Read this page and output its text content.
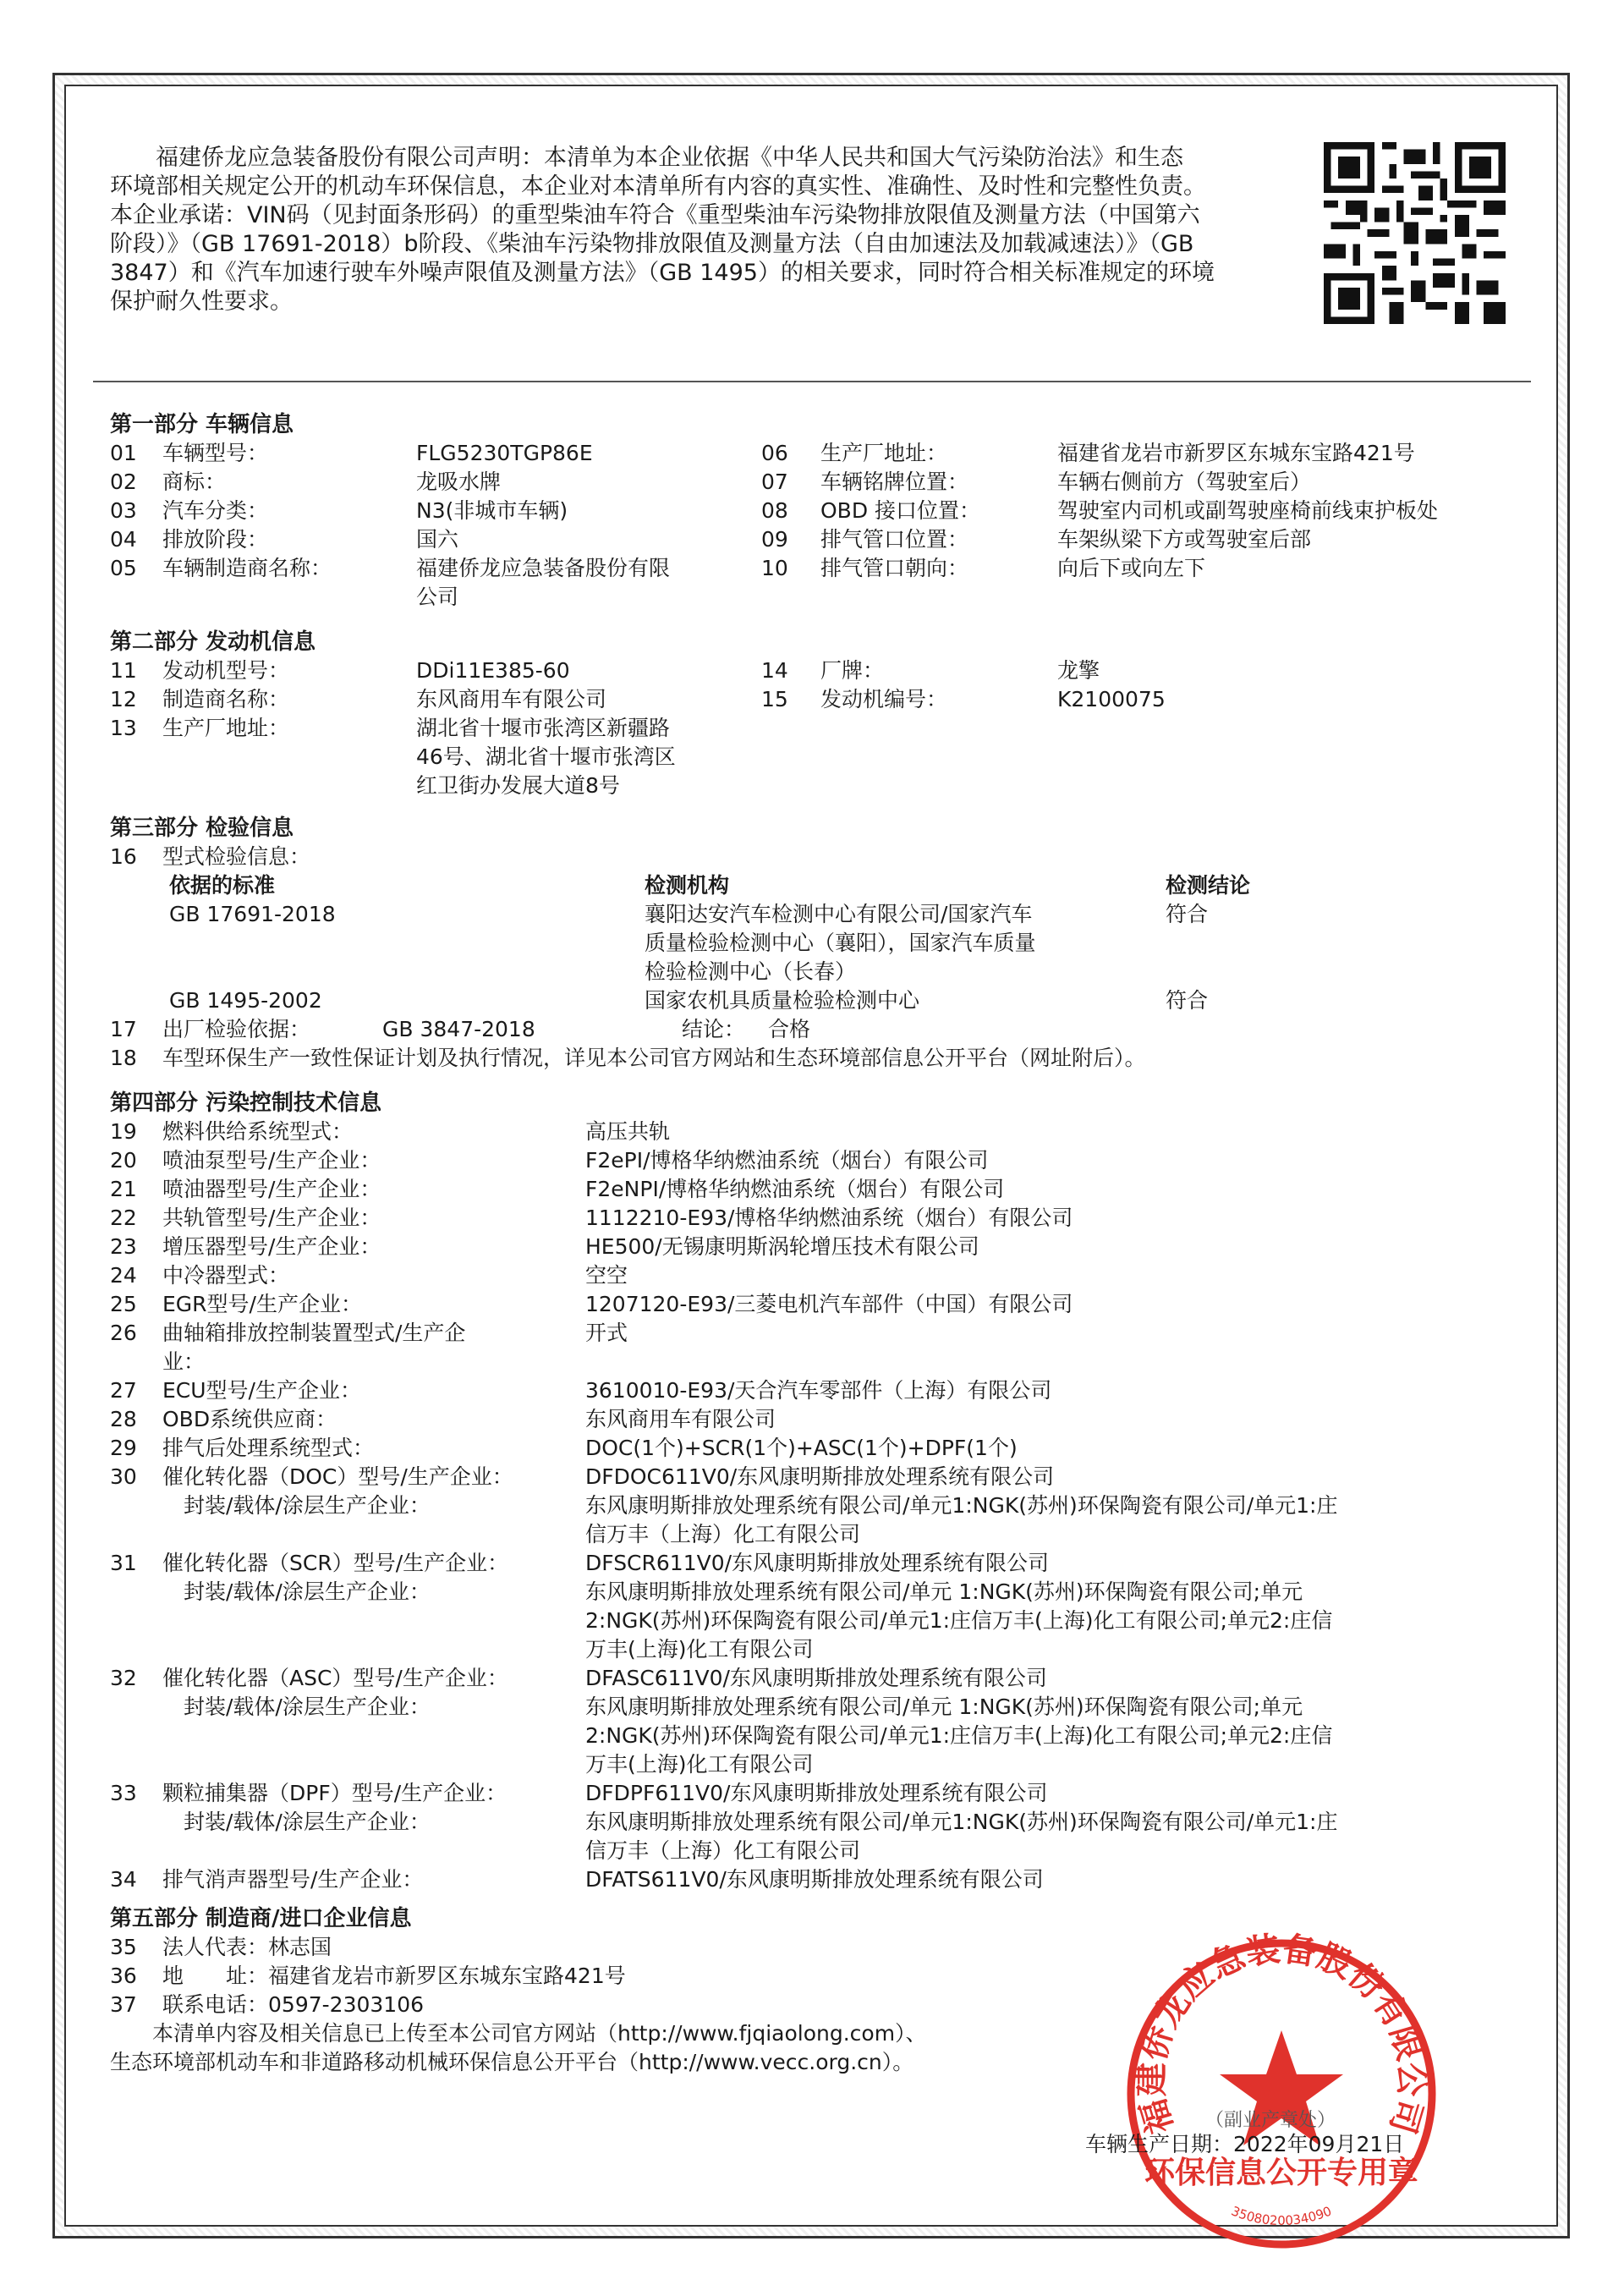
福建侨龙应急装备股份有限公司声明：本清单为本企业依据《中华人民共和国大气污染防治法》和生态
环境部相关规定公开的机动车环保信息，本企业对本清单所有内容的真实性、准确性、及时性和完整性负责。
本企业承诺：VIN码（见封面条形码）的重型柴油车符合《重型柴油车污染物排放限值及测量方法（中国第六
阶段）》（GB 17691-2018）b阶段、《柴油车污染物排放限值及测量方法（自由加速法及加载减速法）》（GB
3847）和《汽车加速行驶车外噪声限值及测量方法》（GB 1495）的相关要求，同时符合相关标准规定的环境
保护耐久性要求。
第一部分 车辆信息
01	车辆型号：	FLG5230TGP86E
02	商标：	龙吸水牌
03	汽车分类：	N3(非城市车辆)
04	排放阶段：	国六
05	车辆制造商名称：	福建侨龙应急装备股份有限
公司
06	生产厂地址：	福建省龙岩市新罗区东城东宝路421号
07	车辆铭牌位置：	车辆右侧前方（驾驶室后）
08	OBD 接口位置：	驾驶室内司机或副驾驶座椅前线束护板处
09	排气管口位置：	车架纵梁下方或驾驶室后部
10	排气管口朝向：	向后下或向左下
第二部分 发动机信息
11	发动机型号：	DDi11E385-60
12	制造商名称：	东风商用车有限公司
13	生产厂地址：	湖北省十堰市张湾区新疆路
46号、湖北省十堰市张湾区
红卫街办发展大道8号
14	厂牌：	龙擎
15	发动机编号：	K2100075
第三部分 检验信息
16 型式检验信息：
依据的标准	检测机构	检测结论
GB 17691-2018	襄阳达安汽车检测中心有限公司/国家汽车	符合
质量检验检测中心（襄阳），国家汽车质量
检验检测中心（长春）
GB 1495-2002	国家农机具质量检验检测中心	符合
17 出厂检验依据：	GB 3847-2018	结论： 合格
18 车型环保生产一致性保证计划及执行情况，详见本公司官方网站和生态环境部信息公开平台（网址附后）。
第四部分 污染控制技术信息
19	燃料供给系统型式：	高压共轨
20	喷油泵型号/生产企业：	F2ePI/博格华纳燃油系统（烟台）有限公司
21	喷油器型号/生产企业：	F2eNPI/博格华纳燃油系统（烟台）有限公司
22	共轨管型号/生产企业：	1112210-E93/博格华纳燃油系统（烟台）有限公司
23	增压器型号/生产企业：	HE500/无锡康明斯涡轮增压技术有限公司
24	中冷器型式：	空空
25	EGR型号/生产企业：	1207120-E93/三菱电机汽车部件（中国）有限公司
26	曲轴箱排放控制装置型式/生产企	开式
业：
27	ECU型号/生产企业：	3610010-E93/天合汽车零部件（上海）有限公司
28	OBD系统供应商：	东风商用车有限公司
29	排气后处理系统型式：	DOC(1个)+SCR(1个)+ASC(1个)+DPF(1个)
30	催化转化器（DOC）型号/生产企业：	DFDOC611V0/东风康明斯排放处理系统有限公司
　封装/载体/涂层生产企业：	东风康明斯排放处理系统有限公司/单元1:NGK(苏州)环保陶瓷有限公司/单元1:庄
信万丰（上海）化工有限公司
31	催化转化器（SCR）型号/生产企业：	DFSCR611V0/东风康明斯排放处理系统有限公司
　封装/载体/涂层生产企业：	东风康明斯排放处理系统有限公司/单元 1:NGK(苏州)环保陶瓷有限公司;单元
2:NGK(苏州)环保陶瓷有限公司/单元1:庄信万丰(上海)化工有限公司;单元2:庄信
万丰(上海)化工有限公司
32	催化转化器（ASC）型号/生产企业：	DFASC611V0/东风康明斯排放处理系统有限公司
　封装/载体/涂层生产企业：	东风康明斯排放处理系统有限公司/单元 1:NGK(苏州)环保陶瓷有限公司;单元
2:NGK(苏州)环保陶瓷有限公司/单元1:庄信万丰(上海)化工有限公司;单元2:庄信
万丰(上海)化工有限公司
33	颗粒捕集器（DPF）型号/生产企业：	DFDPF611V0/东风康明斯排放处理系统有限公司
　封装/载体/涂层生产企业：	东风康明斯排放处理系统有限公司/单元1:NGK(苏州)环保陶瓷有限公司/单元1:庄
信万丰（上海）化工有限公司
34	排气消声器型号/生产企业：	DFATS611V0/东风康明斯排放处理系统有限公司
第五部分 制造商/进口企业信息
35	法人代表： 林志国
36	地　　址： 福建省龙岩市新罗区东城东宝路421号
37	联系电话： 0597-2303106
　　本清单内容及相关信息已上传至本公司官方网站（http://www.fjqiaolong.com）、
生态环境部机动车和非道路移动机械环保信息公开平台（http://www.vecc.org.cn）。
福建侨龙应急装备股份有限公司
环保信息公开专用章
3508020034090
（副业产章处）
车辆生产日期：2022年09月21日
